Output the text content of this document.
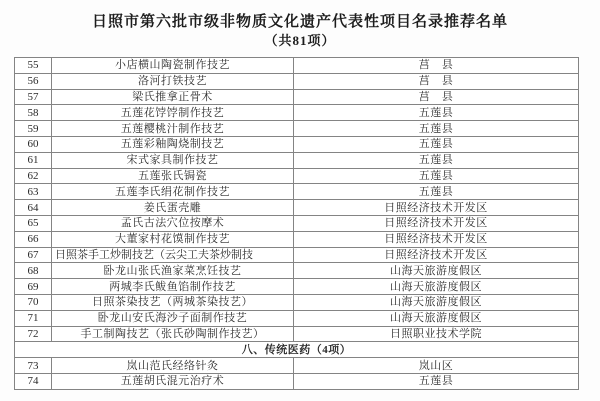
日照市第六批市级非物质文化遗产代表性项目名录推荐名单
（共81项）
55	小店横山陶瓷制作技艺	莒　县
56	洛河打铁技艺	莒　县
57	梁氏推拿正骨术	莒　县
58	五莲花饽饽制作技艺	五莲县
59	五莲樱桃汁制作技艺	五莲县
60	五莲彩釉陶烧制技艺	五莲县
61	宋式家具制作技艺	五莲县
62	五莲张氏锔瓷	五莲县
63	五莲李氏绢花制作技艺	五莲县
64	姜氏蛋壳雕	日照经济技术开发区
65	孟氏古法穴位按摩术	日照经济技术开发区
66	大董家村花馍制作技艺	日照经济技术开发区
67	日照茶手工炒制技艺（云尖工夫茶炒制技	日照经济技术开发区
68	卧龙山张氏渔家菜烹饪技艺	山海天旅游度假区
69	两城李氏鲅鱼馅制作技艺	山海天旅游度假区
70	日照茶染技艺（两城茶染技艺）	山海天旅游度假区
71	卧龙山安氏海沙子面制作技艺	山海天旅游度假区
72	手工制陶技艺（张氏砂陶制作技艺）	日照职业技术学院
八、传统医药（4项）		
73	岚山范氏经络针灸	岚山区
74	五莲胡氏混元治疗术	五莲县
